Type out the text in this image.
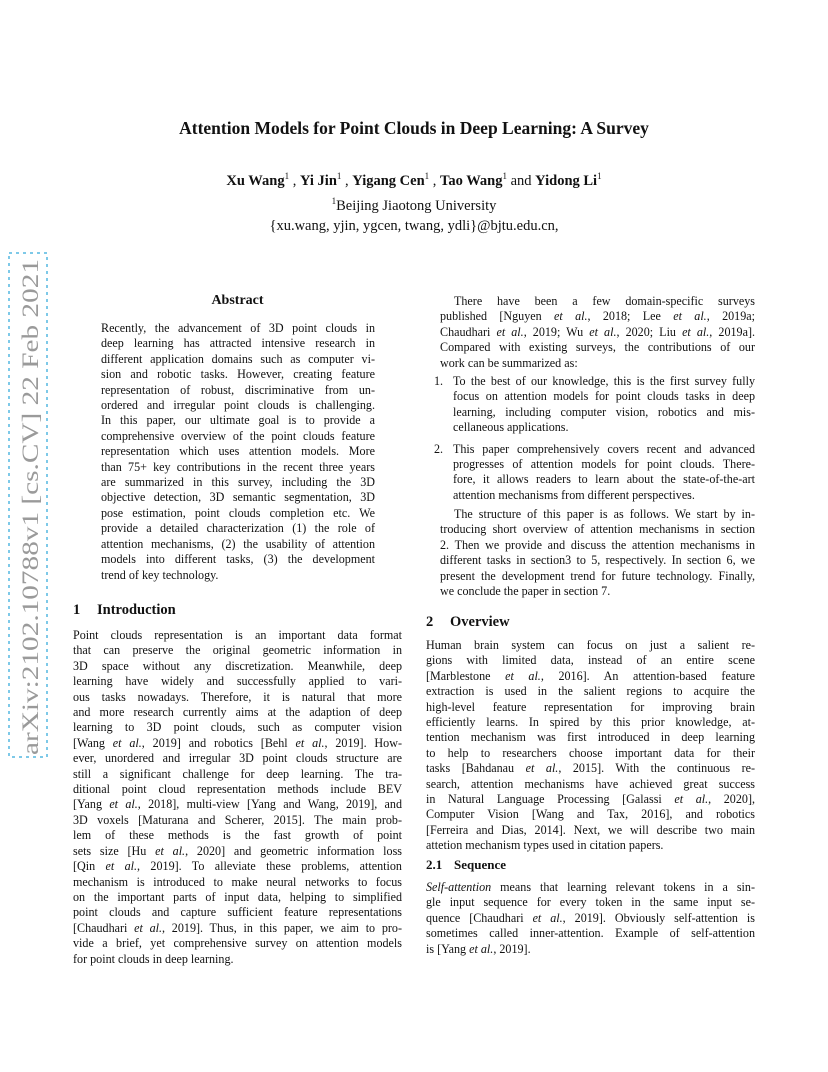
arXiv:2102.10788v1 [cs.CV] 22 Feb 2021
Attention Models for Point Clouds in Deep Learning: A Survey
Xu Wang$^1$ , Yi Jin$^1$ , Yigang Cen$^1$ , Tao Wang$^1$ and Yidong Li$^1$
$^1$Beijing Jiaotong University
{xu.wang, yjin, ygcen, twang, ydli}@bjtu.edu.cn,
Abstract

Recently, the advancement of 3D point clouds in
deep learning has attracted intensive research in
different application domains such as computer vi-
sion and robotic tasks. However, creating feature
representation of robust, discriminative from un-
ordered and irregular point clouds is challenging.
In this paper, our ultimate goal is to provide a
comprehensive overview of the point clouds feature
representation which uses attention models. More
than 75+ key contributions in the recent three years
are summarized in this survey, including the 3D
objective detection, 3D semantic segmentation, 3D
pose estimation, point clouds completion etc. We
provide a detailed characterization (1) the role of
attention mechanisms, (2) the usability of attention
models into different tasks, (3) the development
trend of key technology.

1 Introduction

Point clouds representation is an important data format
that can preserve the original geometric information in
3D space without any discretization. Meanwhile, deep
learning have widely and successfully applied to vari-
ous tasks nowadays. Therefore, it is natural that more
and more research currently aims at the adaption of deep
learning to 3D point clouds, such as computer vision
[Wang et al., 2019] and robotics [Behl et al., 2019]. How-
ever, unordered and irregular 3D point clouds structure are
still a significant challenge for deep learning. The tra-
ditional point cloud representation methods include BEV
[Yang et al., 2018], multi-view [Yang and Wang, 2019], and
3D voxels [Maturana and Scherer, 2015]. The main prob-
lem of these methods is the fast growth of point
sets size [Hu et al., 2020] and geometric information loss
[Qin et al., 2019]. To alleviate these problems, attention
mechanism is introduced to make neural networks to focus
on the important parts of input data, helping to simplified
point clouds and capture sufficient feature representations
[Chaudhari et al., 2019]. Thus, in this paper, we aim to pro-
vide a brief, yet comprehensive survey on attention models
for point clouds in deep learning.

There have been a few domain-specific surveys
published [Nguyen et al., 2018; Lee et al., 2019a;
Chaudhari et al., 2019; Wu et al., 2020; Liu et al., 2019a].
Compared with existing surveys, the contributions of our
work can be summarized as:

1. To the best of our knowledge, this is the first survey fully
focus on attention models for point clouds tasks in deep
learning, including computer vision, robotics and mis-
cellaneous applications.
2. This paper comprehensively covers recent and advanced
progresses of attention models for point clouds. There-
fore, it allows readers to learn about the state-of-the-art
attention mechanisms from different perspectives.

The structure of this paper is as follows. We start by in-
troducing short overview of attention mechanisms in section
2. Then we provide and discuss the attention mechanisms in
different tasks in section3 to 5, respectively. In section 6, we
present the development trend for future technology. Finally,
we conclude the paper in section 7.

2 Overview

Human brain system can focus on just a salient re-
gions with limited data, instead of an entire scene
[Marblestone et al., 2016]. An attention-based feature
extraction is used in the salient regions to acquire the
high-level feature representation for improving brain
efficiently learns. In spired by this prior knowledge, at-
tention mechanism was first introduced in deep learning
to help to researchers choose important data for their
tasks [Bahdanau et al., 2015]. With the continuous re-
search, attention mechanisms have achieved great success
in Natural Language Processing [Galassi et al., 2020],
Computer Vision [Wang and Tax, 2016], and robotics
[Ferreira and Dias, 2014]. Next, we will describe two main
attetion mechanism types used in citation papers.

2.1 Sequence

Self-attention means that learning relevant tokens in a sin-
gle input sequence for every token in the same input se-
quence [Chaudhari et al., 2019]. Obviously self-attention is
sometimes called inner-attention. Example of self-attention
is [Yang et al., 2019].
